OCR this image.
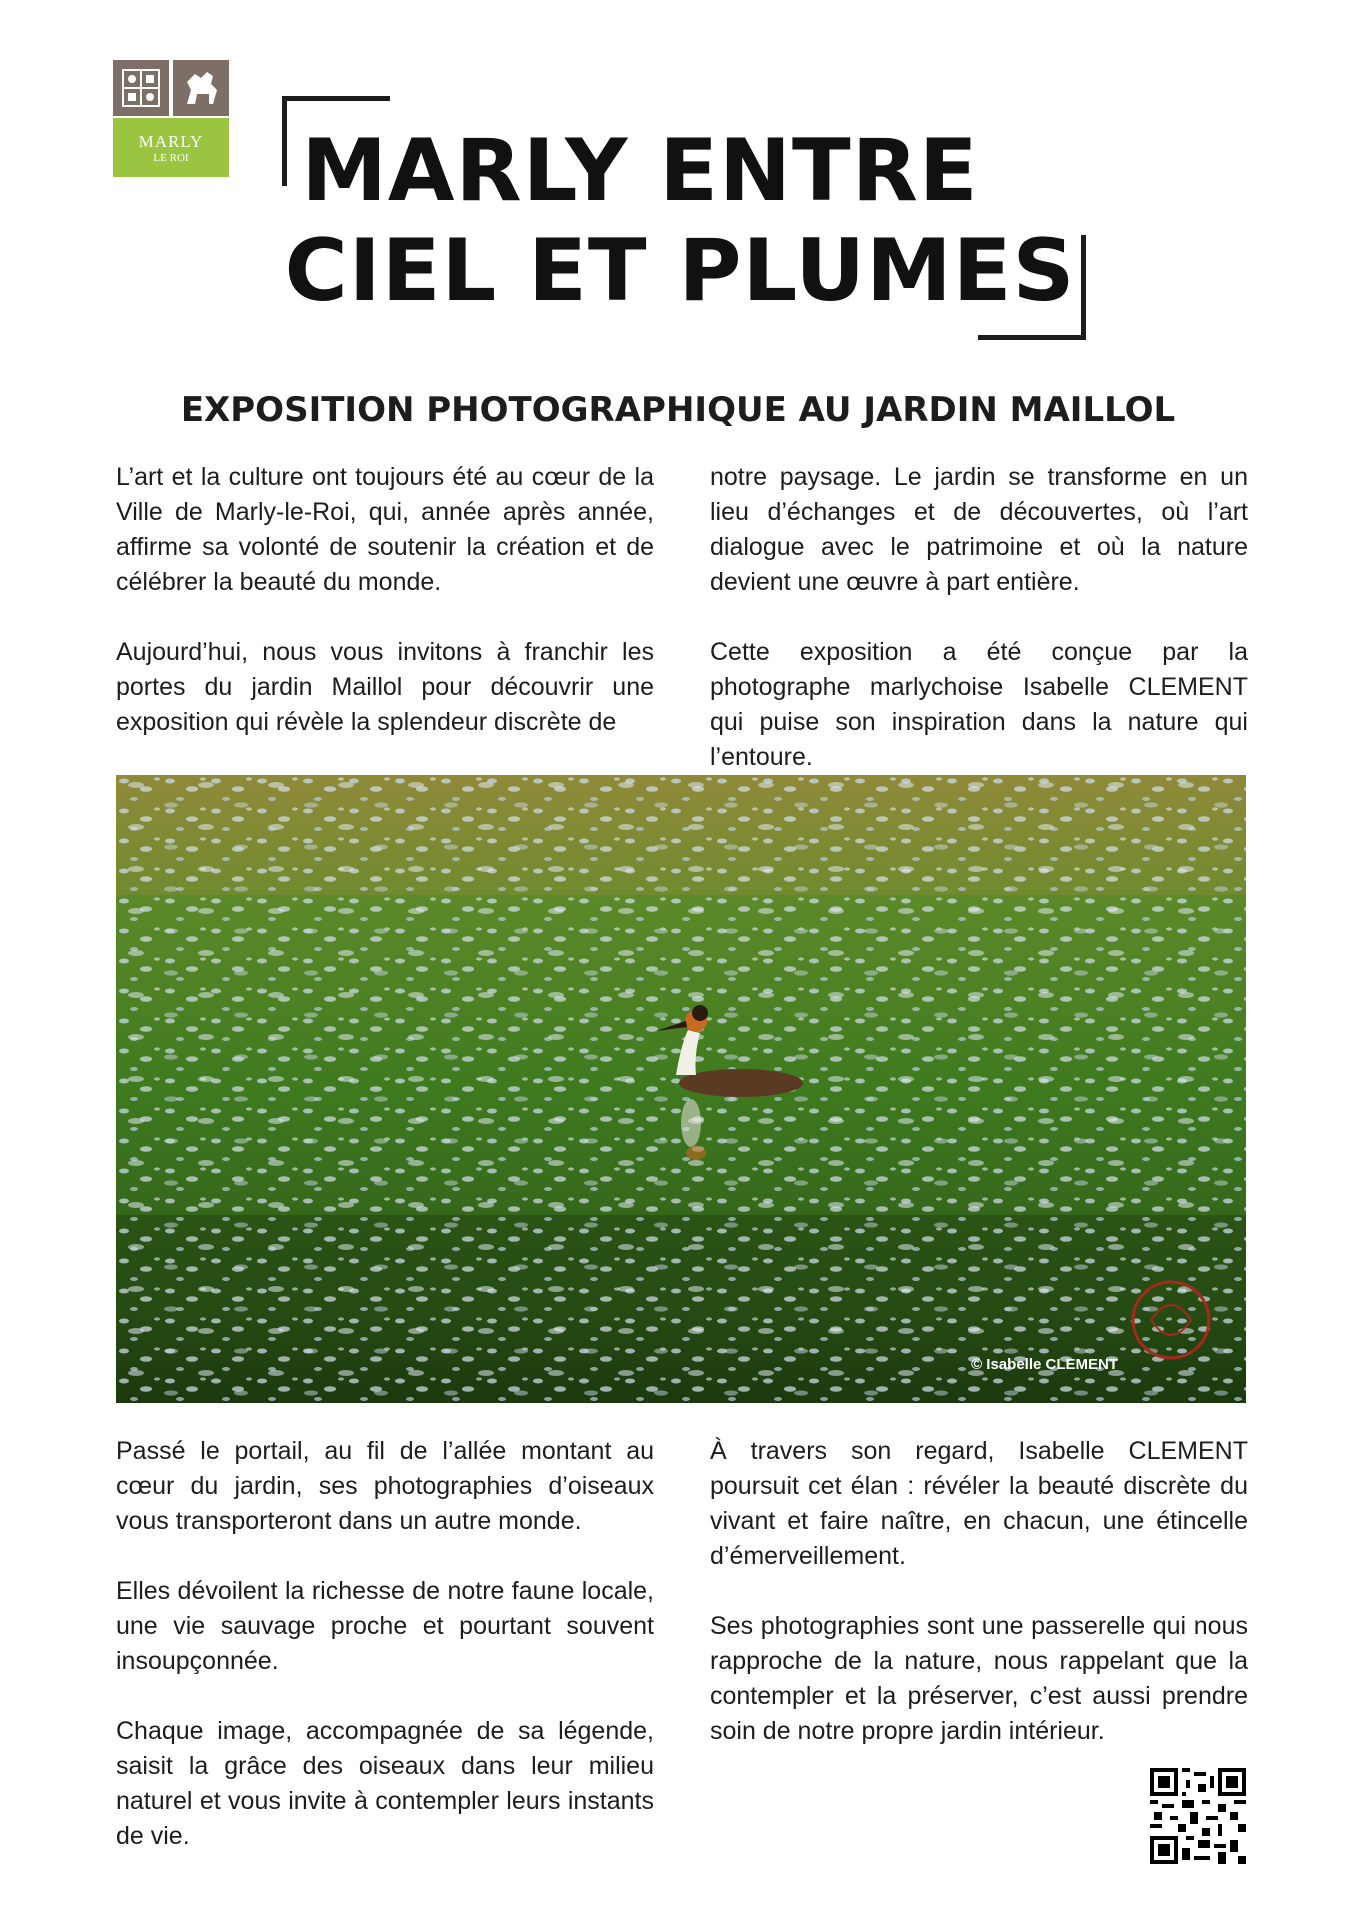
MARLY
LE ROI	MARLY ENTRE
CIEL ET PLUMES
EXPOSITION PHOTOGRAPHIQUE AU JARDIN MAILLOL

L’art et la culture ont toujours été au cœur de la Ville de Marly-le-Roi, qui, année après année, affirme sa volonté de soutenir la création et de célébrer la beauté du monde.

Aujourd’hui, nous vous invitons à franchir les portes du jardin Maillol pour découvrir une exposition qui révèle la splendeur discrète de

notre paysage. Le jardin se transforme en un lieu d’échanges et de découvertes, où l’art dialogue avec le patrimoine et où la nature devient une œuvre à part entière.

Cette exposition a été conçue par la photographe marlychoise Isabelle CLEMENT qui puise son inspiration dans la nature qui l’entoure.

© Isabelle CLEMENT

Passé le portail, au fil de l’allée montant au cœur du jardin, ses photographies d’oiseaux vous transporteront dans un autre monde.

Elles dévoilent la richesse de notre faune locale, une vie sauvage proche et pourtant souvent insoupçonnée.

Chaque image, accompagnée de sa légende, saisit la grâce des oiseaux dans leur milieu naturel et vous invite à contempler leurs instants de vie.

À travers son regard, Isabelle CLEMENT poursuit cet élan : révéler la beauté discrète du vivant et faire naître, en chacun, une étincelle d’émerveillement.

Ses photographies sont une passerelle qui nous rapproche de la nature, nous rappelant que la contempler et la préserver, c’est aussi prendre soin de notre propre jardin intérieur.
